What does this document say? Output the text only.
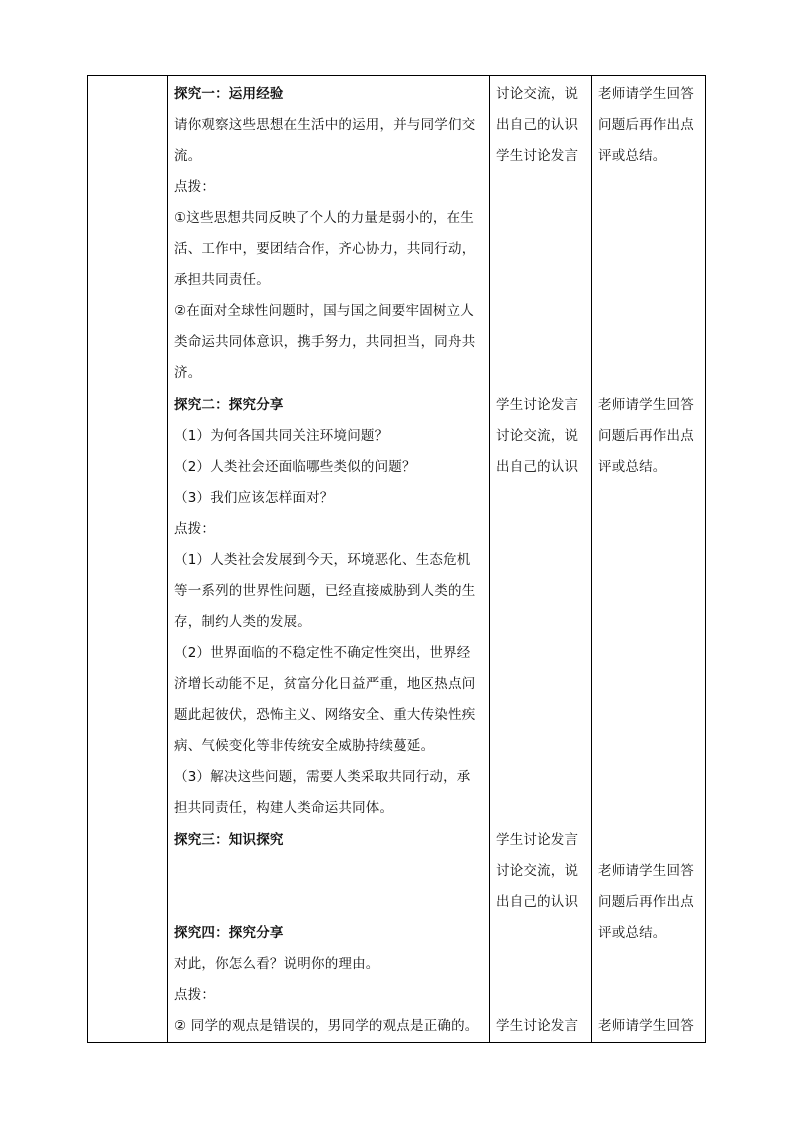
探究一：运用经验
请你观察这些思想在生活中的运用，并与同学们交
流。
点拨：
①这些思想共同反映了个人的力量是弱小的，在生
活、工作中，要团结合作，齐心协力，共同行动，
承担共同责任。
②在面对全球性问题时，国与国之间要牢固树立人
类命运共同体意识，携手努力，共同担当，同舟共
济。
探究二：探究分享
（1）为何各国共同关注环境问题？
（2）人类社会还面临哪些类似的问题？
（3）我们应该怎样面对？
点拨：
（1）人类社会发展到今天，环境恶化、生态危机
等一系列的世界性问题，已经直接威胁到人类的生
存，制约人类的发展。
（2）世界面临的不稳定性不确定性突出，世界经
济增长动能不足，贫富分化日益严重，地区热点问
题此起彼伏，恐怖主义、网络安全、重大传染性疾
病、气候变化等非传统安全威胁持续蔓延。
（3）解决这些问题，需要人类采取共同行动，承
担共同责任，构建人类命运共同体。
探究三：知识探究
探究四：探究分享
对此，你怎么看？说明你的理由。
点拨：
② 同学的观点是错误的，男同学的观点是正确的。
讨论交流，说
出自己的认识
学生讨论发言
学生讨论发言
讨论交流，说
出自己的认识
学生讨论发言
讨论交流，说
出自己的认识
学生讨论发言
老师请学生回答
问题后再作出点
评或总结。
老师请学生回答
问题后再作出点
评或总结。
老师请学生回答
问题后再作出点
评或总结。
老师请学生回答
